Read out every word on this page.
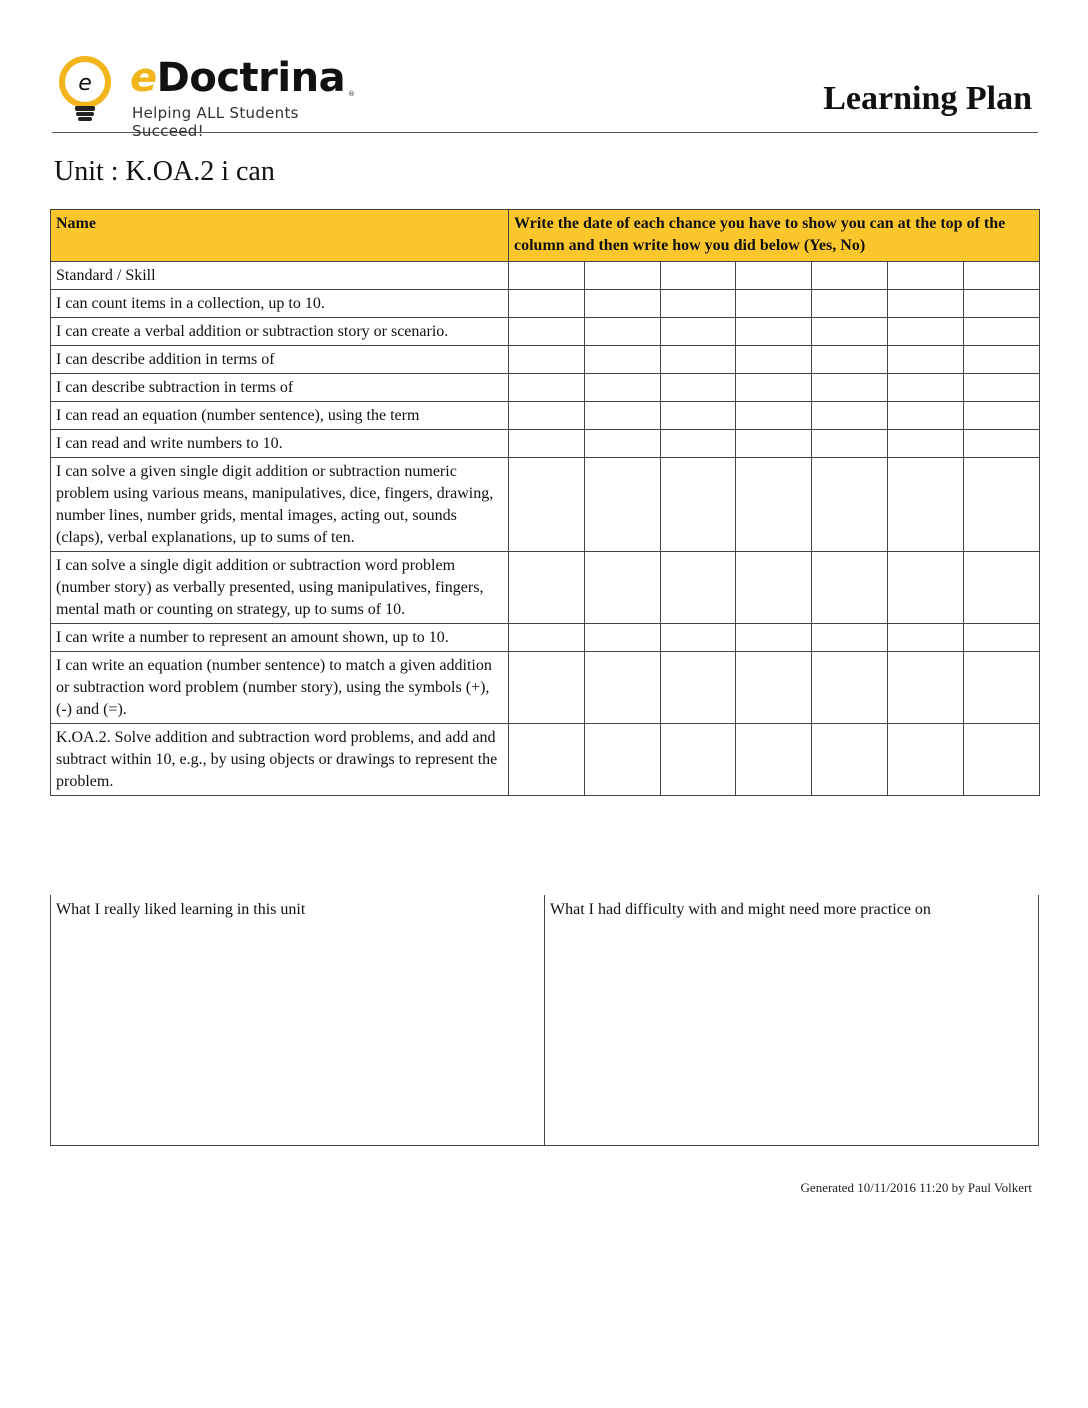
e eDoctrina ®
Helping ALL Students Succeed!
Learning Plan
Unit : K.OA.2 i can
Name	Write the date of each chance you have to show you can at the top of the column and then write how you did below (Yes, No)						
Standard / Skill							
I can count items in a collection, up to 10.							
I can create a verbal addition or subtraction story or scenario.							
I can describe addition in terms of							
I can describe subtraction in terms of							
I can read an equation (number sentence), using the term							
I can read and write numbers to 10.							
I can solve a given single digit addition or subtraction numeric problem using various means, manipulatives, dice, fingers, drawing, number lines, number grids, mental images, acting out, sounds (claps), verbal explanations, up to sums of ten.							
I can solve a single digit addition or subtraction word problem (number story) as verbally presented, using manipulatives, fingers, mental math or counting on strategy, up to sums of 10.							
I can write a number to represent an amount shown, up to 10.							
I can write an equation (number sentence) to match a given addition or subtraction word problem (number story), using the symbols (+), (-) and (=).							
K.OA.2. Solve addition and subtraction word problems, and add and subtract within 10, e.g., by using objects or drawings to represent the problem.							
What I really liked learning in this unit	What I had difficulty with and might need more practice on
Generated 10/11/2016 11:20 by Paul Volkert
